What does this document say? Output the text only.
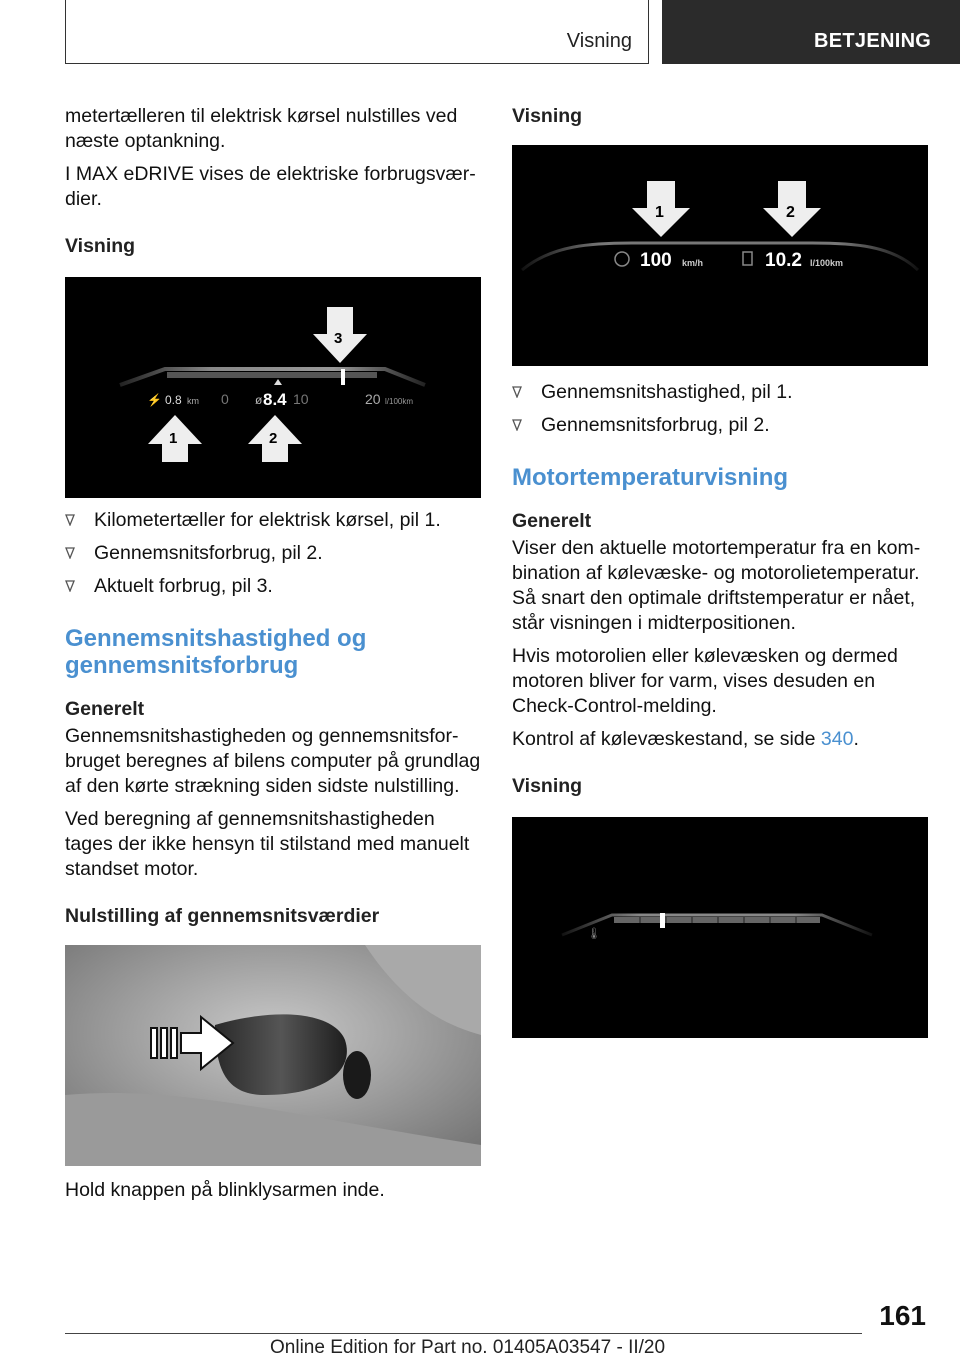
Visning	BETJENING

metertælleren til elektrisk kørsel nulstilles ved næste optankning.

I MAX eDRIVE vises de elektriske forbrugsvær-dier.

Visning
⚡ 0.8 km 0 ø 8.4 10	20 l/100km
3
1	2
Kilometertæller for elektrisk kørsel, pil 1.
Gennemsnitsforbrug, pil 2.
Aktuelt forbrug, pil 3.
Gennemsnitshastighed og gennemsnitsforbrug
Generelt

Gennemsnitshastigheden og gennemsnitsfor-bruget beregnes af bilens computer på grundlag af den kørte strækning siden sidste nulstilling.

Ved beregning af gennemsnitshastigheden tages der ikke hensyn til stilstand med manuelt standset motor.

Nulstilling af gennemsnitsværdier

Hold knappen på blinklysarmen inde.

Visning
1	2
100 km/h	10.2 l/100km
Gennemsnitshastighed, pil 1.
Gennemsnitsforbrug, pil 2.
Motortemperaturvisning
Generelt

Viser den aktuelle motortemperatur fra en kom-bination af kølevæske- og motorolietemperatur. Så snart den optimale driftstemperatur er nået, står visningen i midterpositionen.

Hvis motorolien eller kølevæsken og dermed motoren bliver for varm, vises desuden en Check-Control-melding.

Kontrol af kølevæskestand, se side 340.

Visning
🌡
161
Online Edition for Part no. 01405A03547 - II/20
